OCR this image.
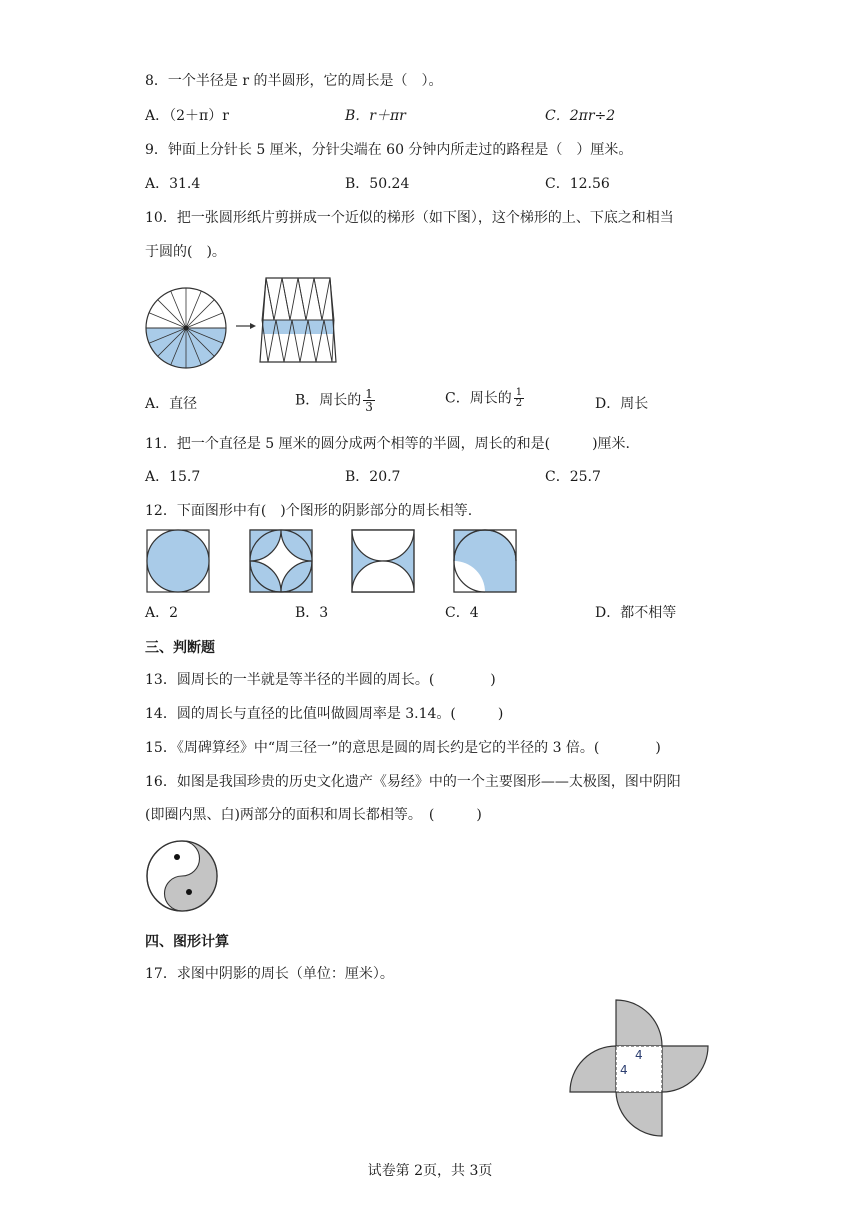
8．一个半径是 r 的半圆形，它的周长是（　）。
A．（2＋π）r	B．r＋πr	C．2πr÷2
9．钟面上分针长 5 厘米，分针尖端在 60 分钟内所走过的路程是（　）厘米。
A．31.4	B．50.24	C．12.56
10．把一张圆形纸片剪拼成一个近似的梯形（如下图），这个梯形的上、下底之和相当
于圆的(　)。
A．直径	B．周长的 $\frac{1}{3}$	C．周长的 $\frac{1}{2}$	D．周长
11．把一个直径是 5 厘米的圆分成两个相等的半圆，周长的和是(　　　)厘米.
A．15.7	B．20.7	C．25.7
12．下面图形中有(　)个图形的阴影部分的周长相等.
A．2	B．3	C．4	D．都不相等
三、判断题
13．圆周长的一半就是等半径的半圆的周长。(　　　　)
14．圆的周长与直径的比值叫做圆周率是 3.14。(　　　)
15．《周碑算经》中“周三径一”的意思是圆的周长约是它的半径的 3 倍。(　　　　)
16．如图是我国珍贵的历史文化遗产《易经》中的一个主要图形——太极图，图中阴阳
(即圈内黑、白)两部分的面积和周长都相等。　(　　　)
四、图形计算
17．求图中阴影的周长（单位：厘米）。
4
4
试卷第 2页，共 3页
